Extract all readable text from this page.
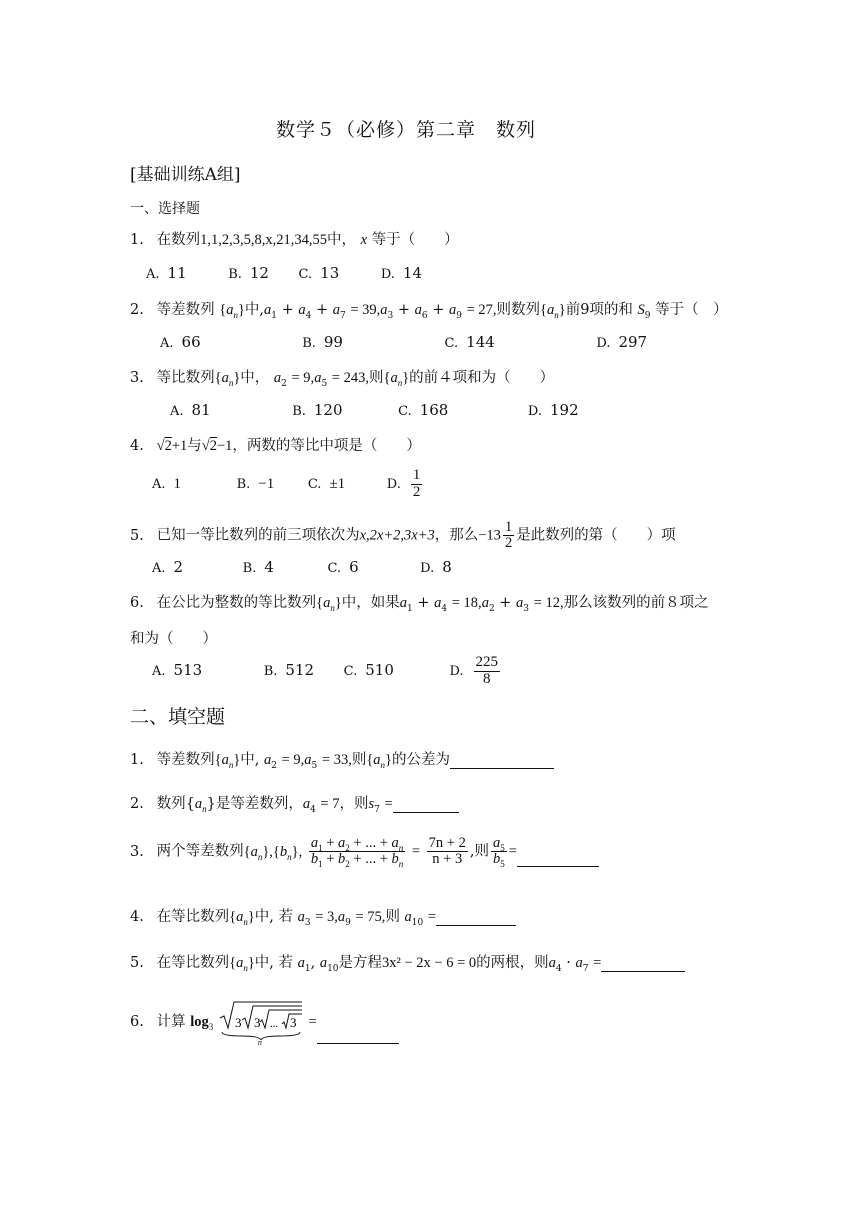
数学５（必修）第二章　数列
[基础训练A组]
一、选择题
1. 在数列1,1,2,3,5,8,x,21,34,55中， x 等于（　　）
A. 11	B. 12 C. 13	D. 14
2. 等差数列 $\{a_n\}$中$,a_1 + a_4 + a_7 = 39,a_3 + a_6 + a_9 = 27$,则数列$\{a_n\}$前9项的和 $S_9$ 等于（　）
A. 66	B. 99	C. 144	D. 297
3. 等比数列$\{a_n\}$中， $a_2 = 9,a_5 = 243$,则$\{a_n\}$的前４项和为（　　）
A. 81	B. 120	C. 168	D. 192
4. √2+1与√2−1，两数的等比中项是（　　）
A. 1	B. −1	C. ±1	D. $\frac{1}{2}$
5. 已知一等比数列的前三项依次为x,2x+2,3x+3，那么$-13 \frac{1}{2}$ 是此数列的第（　　）项
A. 2	B. 4	C. 6	D. 8
6. 在公比为整数的等比数列$\{a_n\}$中，如果$a_1 + a_4 = 18,a_2 + a_3 = 12$,那么该数列的前８项之
和为（　　）
A. 513	B. 512 C. 510	D. $\frac{225}{8}$
二、填空题
1. 等差数列$\{a_n\}$中, $a_2 = 9,a_5 = 33$,则$\{a_n\}$的公差为
2. 数列$\{a_n\}$是等差数列，$a_4 = 7$，则$s_7$ =
3. 两个等差数列$\{a_n\},\{b_n\}$, $\frac{a_1 + a_2 + ... + a_n}{b_1 + b_2 + ... + b_n} = \frac{7n + 2}{n + 3}$ ,则 $\frac{a_5}{b_5}$ =
4. 在等比数列$\{a_n\}$中, 若 $a_3 = 3,a_9 = 75$,则 $a_{10}$ =
5. 在等比数列$\{a_n\}$中, 若 $a_1$, $a_{10}$是方程3x² − 2x − 6 = 0的两根，则$a_4 \cdot a_7$ =
6. 计算 $\log_3 3$ 3 ... 3
n
=
